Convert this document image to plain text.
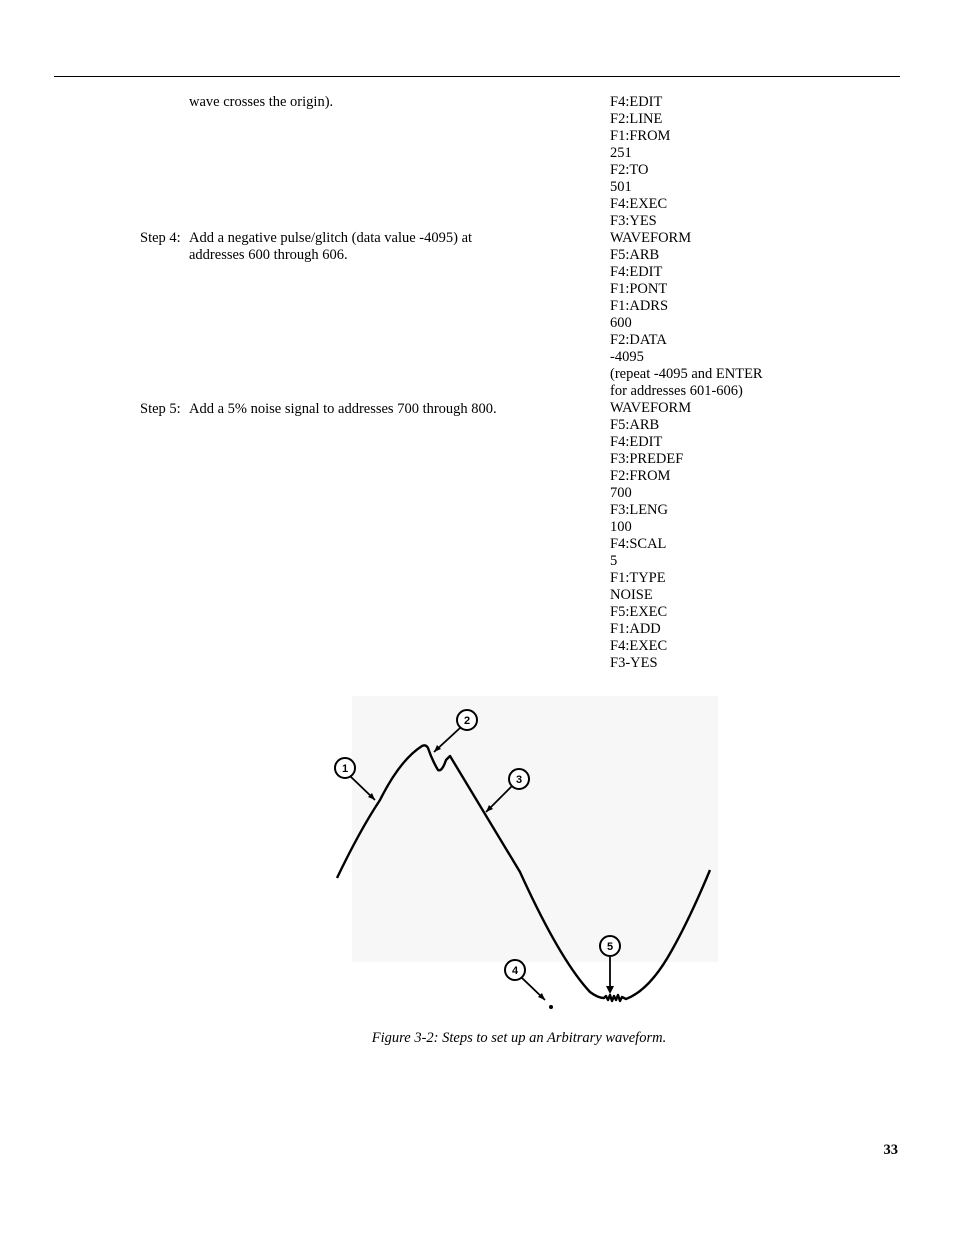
wave crosses the origin).
Step 4: Add a negative pulse/glitch (data value -4095) at
addresses 600 through 606.
Step 5: Add a 5% noise signal to addresses 700 through 800.
F4:EDIT
F2:LINE
F1:FROM
251
F2:TO
501
F4:EXEC
F3:YES
WAVEFORM
F5:ARB
F4:EDIT
F1:PONT
F1:ADRS
600
F2:DATA
-4095
(repeat -4095 and ENTER
for addresses 601-606)
WAVEFORM
F5:ARB
F4:EDIT
F3:PREDEF
F2:FROM
700
F3:LENG
100
F4:SCAL
5
F1:TYPE
NOISE
F5:EXEC
F1:ADD
F4:EXEC
F3-YES
1
2
3
4
5
Figure 3-2: Steps to set up an Arbitrary waveform.
33
